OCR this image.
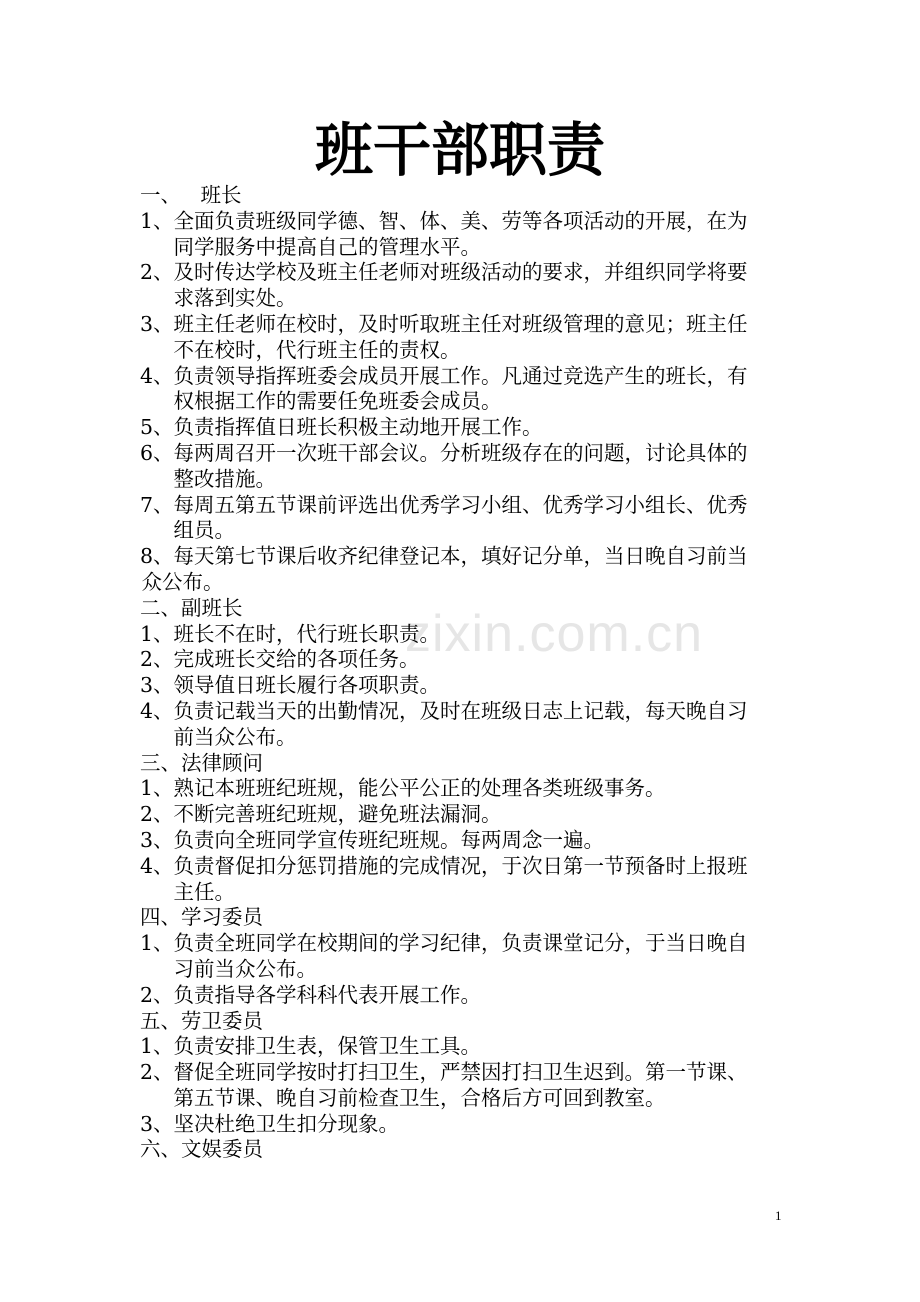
zixin.com.cn
班干部职责
一、   班长
1、 全面负责班级同学德、智、体、美、劳等各项活动的开展，在为
同学服务中提高自己的管理水平。
2、 及时传达学校及班主任老师对班级活动的要求，并组织同学将要
求落到实处。
3、 班主任老师在校时，及时听取班主任对班级管理的意见；班主任
不在校时，代行班主任的责权。
4、 负责领导指挥班委会成员开展工作。凡通过竞选产生的班长，有
权根据工作的需要任免班委会成员。
5、 负责指挥值日班长积极主动地开展工作。
6、 每两周召开一次班干部会议。分析班级存在的问题，讨论具体的
整改措施。
7、 每周五第五节课前评选出优秀学习小组、优秀学习小组长、优秀
组员。
8、 每天第七节课后收齐纪律登记本，填好记分单，当日晚自习前当
众公布。
二、副班长
1、 班长不在时，代行班长职责。
2、 完成班长交给的各项任务。
3、 领导值日班长履行各项职责。
4、 负责记载当天的出勤情况，及时在班级日志上记载，每天晚自习
前当众公布。
三、法律顾问
1、 熟记本班班纪班规，能公平公正的处理各类班级事务。
2、 不断完善班纪班规，避免班法漏洞。
3、 负责向全班同学宣传班纪班规。每两周念一遍。
4、 负责督促扣分惩罚措施的完成情况，于次日第一节预备时上报班
主任。
四、学习委员
1、 负责全班同学在校期间的学习纪律，负责课堂记分，于当日晚自
习前当众公布。
2、 负责指导各学科科代表开展工作。
五、劳卫委员
1、 负责安排卫生表，保管卫生工具。
2、 督促全班同学按时打扫卫生，严禁因打扫卫生迟到。第一节课、
第五节课、晚自习前检查卫生，合格后方可回到教室。
3、 坚决杜绝卫生扣分现象。
六、文娱委员
1
